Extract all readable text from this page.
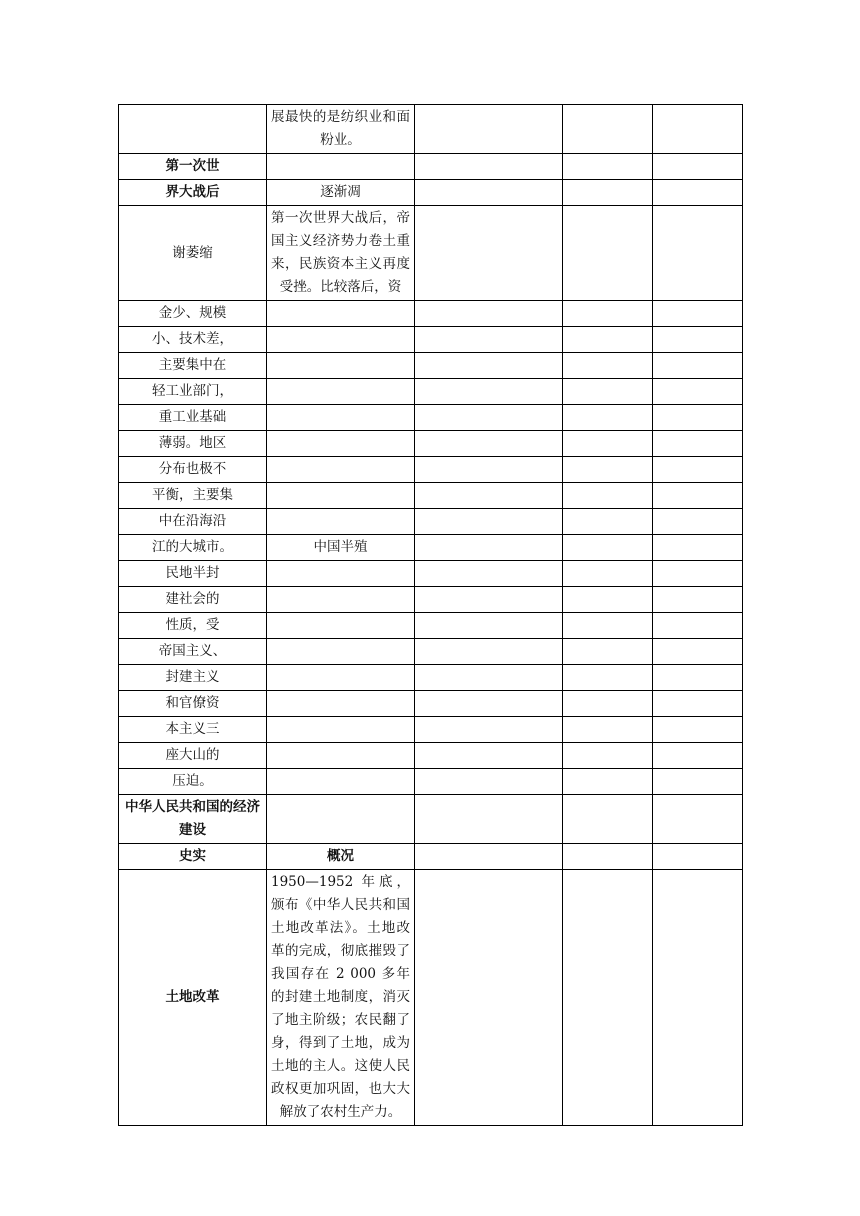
	展最快的是纺织业和面粉业。			
第一次世				
界大战后	逐渐凋			
谢萎缩	第一次世界大战后，帝国主义经济势力卷土重来，民族资本主义再度受挫。比较落后，资			
金少、规模				
小、技术差，				
主要集中在				
轻工业部门，				
重工业基础				
薄弱。地区				
分布也极不				
平衡，主要集				
中在沿海沿				
江的大城市。	中国半殖			
民地半封				
建社会的				
性质，受				
帝国主义、				
封建主义				
和官僚资				
本主义三				
座大山的				
压迫。				
中华人民共和国的经济建设				
史实	概况			
土地改革	1950—1952 年底，颁布《中华人民共和国土地改革法》。土地改革的完成，彻底摧毁了我国存在 2 000 多年的封建土地制度，消灭了地主阶级；农民翻了身，得到了土地，成为土地的主人。这使人民政权更加巩固，也大大解放了农村生产力。			
